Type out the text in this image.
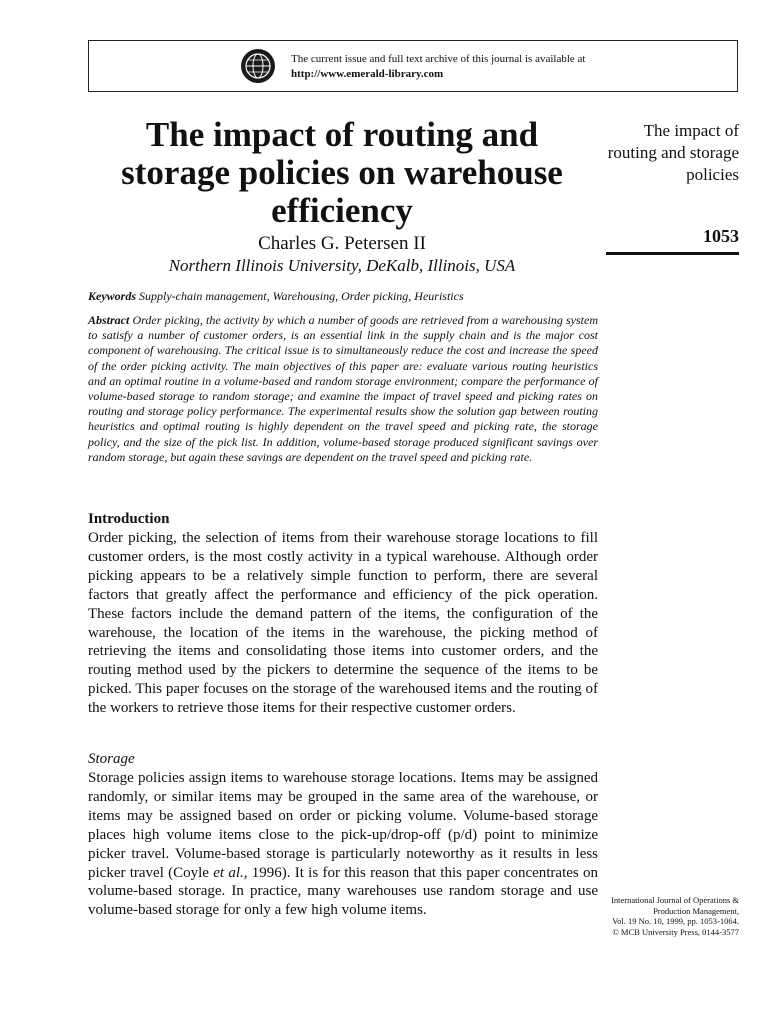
The current issue and full text archive of this journal is available at
http://www.emerald-library.com
The impact of routing and storage policies on warehouse efficiency
Charles G. Petersen II
Northern Illinois University, DeKalb, Illinois, USA
The impact of routing and storage policies
1053
Keywords Supply-chain management, Warehousing, Order picking, Heuristics
Abstract Order picking, the activity by which a number of goods are retrieved from a warehousing system to satisfy a number of customer orders, is an essential link in the supply chain and is the major cost component of warehousing. The critical issue is to simultaneously reduce the cost and increase the speed of the order picking activity. The main objectives of this paper are: evaluate various routing heuristics and an optimal routine in a volume-based and random storage environment; compare the performance of volume-based storage to random storage; and examine the impact of travel speed and picking rates on routing and storage policy performance. The experimental results show the solution gap between routing heuristics and optimal routing is highly dependent on the travel speed and picking rate, the storage policy, and the size of the pick list. In addition, volume-based storage produced significant savings over random storage, but again these savings are dependent on the travel speed and picking rate.
Introduction

Order picking, the selection of items from their warehouse storage locations to fill customer orders, is the most costly activity in a typical warehouse. Although order picking appears to be a relatively simple function to perform, there are several factors that greatly affect the performance and efficiency of the pick operation. These factors include the demand pattern of the items, the configuration of the warehouse, the location of the items in the warehouse, the picking method of retrieving the items and consolidating those items into customer orders, and the routing method used by the pickers to determine the sequence of the items to be picked. This paper focuses on the storage of the warehoused items and the routing of the workers to retrieve those items for their respective customer orders.

Storage

Storage policies assign items to warehouse storage locations. Items may be assigned randomly, or similar items may be grouped in the same area of the warehouse, or items may be assigned based on order or picking volume. Volume-based storage places high volume items close to the pick-up/drop-off (p/d) point to minimize picker travel. Volume-based storage is particularly noteworthy as it results in less picker travel (Coyle et al., 1996). It is for this reason that this paper concentrates on volume-based storage. In practice, many warehouses use random storage and use volume-based storage for only a few high volume items.

International Journal of Operations &
Production Management,
Vol. 19 No. 10, 1999, pp. 1053-1064.
© MCB University Press, 0144-3577
